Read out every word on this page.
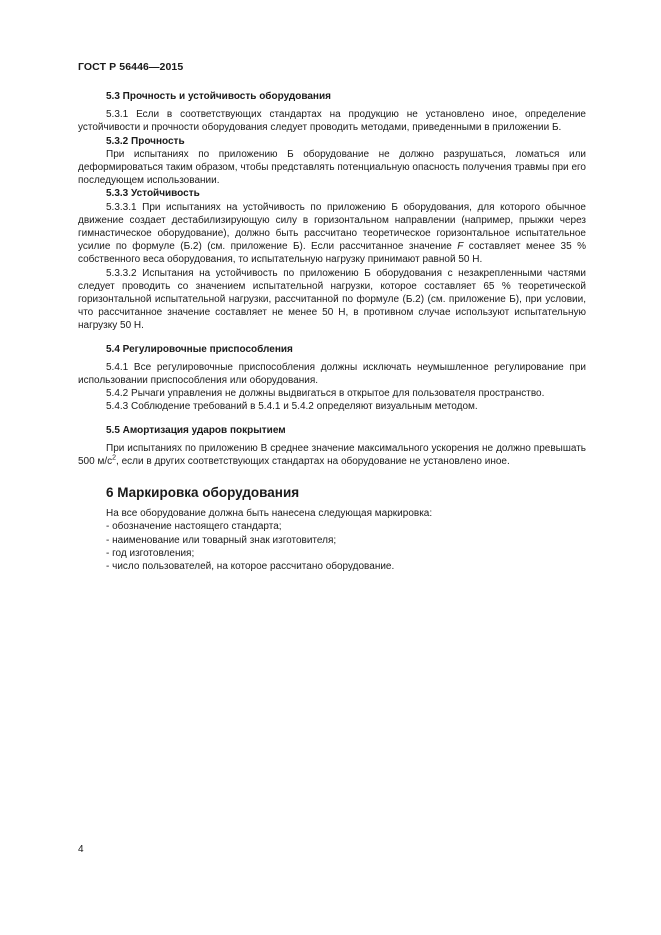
ГОСТ Р 56446—2015
5.3 Прочность и устойчивость оборудования

5.3.1 Если в соответствующих стандартах на продукцию не установлено иное, определение устойчивости и прочности оборудования следует проводить методами, приведенными в приложении Б.

5.3.2 Прочность

При испытаниях по приложению Б оборудование не должно разрушаться, ломаться или деформироваться таким образом, чтобы представлять потенциальную опасность получения травмы при его последующем использовании.

5.3.3 Устойчивость

5.3.3.1 При испытаниях на устойчивость по приложению Б оборудования, для которого обычное движение создает дестабилизирующую силу в горизонтальном направлении (например, прыжки через гимнастическое оборудование), должно быть рассчитано теоретическое горизонтальное испытательное усилие по формуле (Б.2) (см. приложение Б). Если рассчитанное значение F составляет менее 35 % собственного веса оборудования, то испытательную нагрузку принимают равной 50 Н.

5.3.3.2 Испытания на устойчивость по приложению Б оборудования с незакрепленными частями следует проводить со значением испытательной нагрузки, которое составляет 65 % теоретической горизонтальной испытательной нагрузки, рассчитанной по формуле (Б.2) (см. приложение Б), при условии, что рассчитанное значение составляет не менее 50 Н, в противном случае используют испытательную нагрузку 50 Н.

5.4 Регулировочные приспособления

5.4.1 Все регулировочные приспособления должны исключать неумышленное регулирование при использовании приспособления или оборудования.

5.4.2 Рычаги управления не должны выдвигаться в открытое для пользователя пространство.

5.4.3 Соблюдение требований в 5.4.1 и 5.4.2 определяют визуальным методом.

5.5 Амортизация ударов покрытием

При испытаниях по приложению В среднее значение максимального ускорения не должно превышать 500 $м/с^2$, если в других соответствующих стандартах на оборудование не установлено иное.

6 Маркировка оборудования

На все оборудование должна быть нанесена следующая маркировка:

- обозначение настоящего стандарта;
- наименование или товарный знак изготовителя;
- год изготовления;
- число пользователей, на которое рассчитано оборудование.
4
